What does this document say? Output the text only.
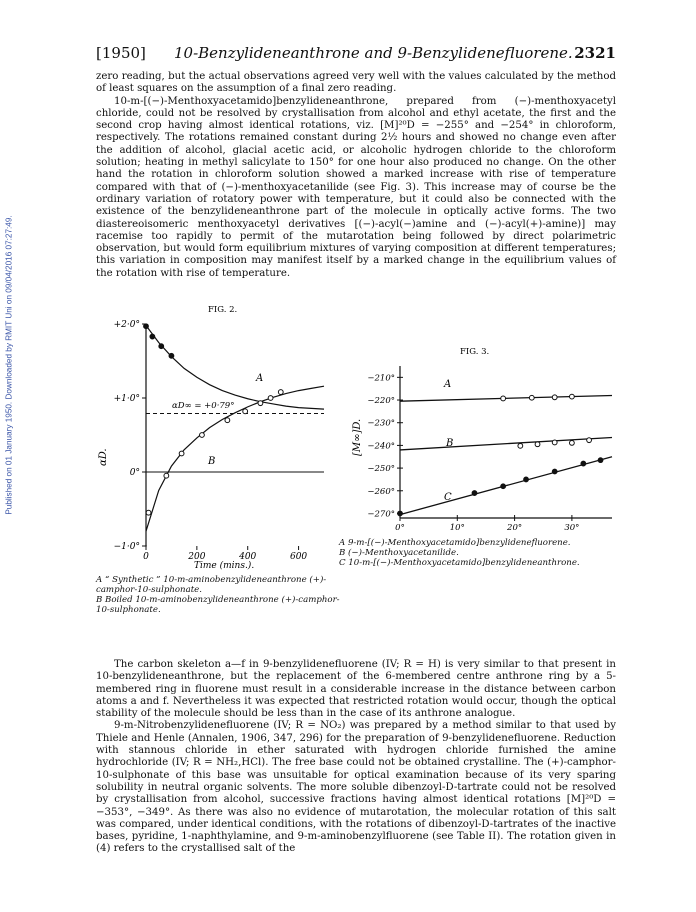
Published on 01 January 1950. Downloaded by RMIT Uni on 09/04/2016 07:27:49.
[1950] 10-Benzylideneanthrone and 9-Benzylidenefluorene. 2321

zero reading, but the actual observations agreed very well with the values calculated by the method of least squares on the assumption of a final zero reading.

10-m-[(−)-Menthoxyacetamido]benzylideneanthrone, prepared from (−)-menthoxyacetyl chloride, could not be resolved by crystallisation from alcohol and ethyl acetate, the first and the second crop having almost identical rotations, viz. [M]²⁰D = −255° and −254° in chloroform, respectively. The rotations remained constant during 2½ hours and showed no change even after the addition of alcohol, glacial acetic acid, or alcoholic hydrogen chloride to the chloroform solution; heating in methyl salicylate to 150° for one hour also produced no change. On the other hand the rotation in chloroform solution showed a marked increase with rise of temperature compared with that of (−)-menthoxyacetanilide (see Fig. 3). This increase may of course be the ordinary variation of rotatory power with temperature, but it could also be connected with the existence of the benzylideneanthrone part of the molecule in optically active forms. The two diastereoisomeric menthoxyacetyl derivatives [(−)-acyl(−)amine and (−)-acyl(+)-amine)] may racemise too rapidly to permit of the mutarotation being followed by direct polarimetric observation, but would form equilibrium mixtures of varying composition at different temperatures; this variation in composition may manifest itself by a marked change in the equilibrium values of the rotation with rise of temperature.

FIG. 2.
+2·0°
+1·0°
0°
−1·0°
0	200	400	600
αD.
Time (mins.).
A
B
αD∞ = +0·79°
A “ Synthetic ” 10-m-aminobenzylideneanthrone (+)-camphor-10-sulphonate.
B Boiled 10-m-aminobenzylideneanthrone (+)-camphor-10-sulphonate.
FIG. 3.
−210°
−220°
−230°
−240°
−250°
−260°
−270°
0°	10°	20°	30°
[M∞]D.
A
B
C
A 9-m-[(−)-Menthoxyacetamido]benzylidenefluorene.
B (−)-Menthoxyacetanilide.
C 10-m-[(−)-Menthoxyacetamido]benzylideneanthrone.

The carbon skeleton a—f in 9-benzylidenefluorene (IV; R = H) is very similar to that present in 10-benzylideneanthrone, but the replacement of the 6-membered centre anthrone ring by a 5-membered ring in fluorene must result in a considerable increase in the distance between carbon atoms a and f. Nevertheless it was expected that restricted rotation would occur, though the optical stability of the molecule should be less than in the case of its anthrone analogue.

9-m-Nitrobenzylidenefluorene (IV; R = NO₂) was prepared by a method similar to that used by Thiele and Henle (Annalen, 1906, 347, 296) for the preparation of 9-benzylidenefluorene. Reduction with stannous chloride in ether saturated with hydrogen chloride furnished the amine hydrochloride (IV; R = NH₂,HCl). The free base could not be obtained crystalline. The (+)-camphor-10-sulphonate of this base was unsuitable for optical examination because of its very sparing solubility in neutral organic solvents. The more soluble dibenzoyl-D-tartrate could not be resolved by crystallisation from alcohol, successive fractions having almost identical rotations [M]²⁰D = −353°, −349°. As there was also no evidence of mutarotation, the molecular rotation of this salt was compared, under identical conditions, with the rotations of dibenzoyl-D-tartrates of the inactive bases, pyridine, 1-naphthylamine, and 9-m-aminobenzylfluorene (see Table II). The rotation given in (4) refers to the crystallised salt of the
